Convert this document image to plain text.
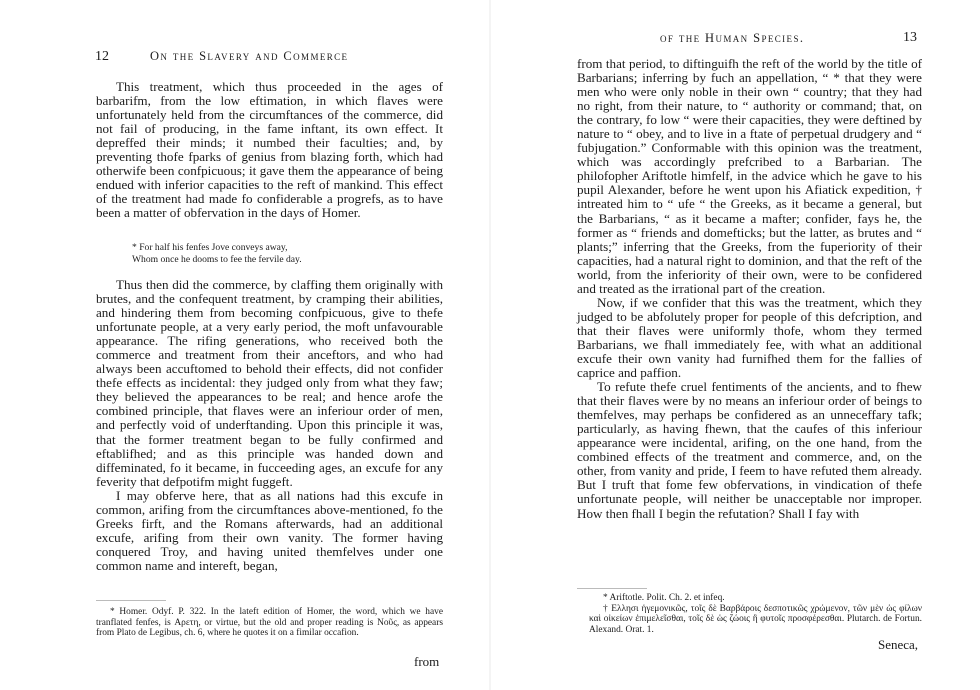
12	On the Slavery and Commerce

This treatment, which thus proceeded in the ages of barbarifm, from the low eftimation, in which flaves were unfortunately held from the circumftances of the commerce, did not fail of producing, in the fame inftant, its own effect. It depreffed their minds; it numbed their faculties; and, by preventing thofe fparks of genius from blazing forth, which had otherwife been confpicuous; it gave them the appearance of being endued with inferior capacities to the reft of mankind. This effect of the treatment had made fo confiderable a progrefs, as to have been a matter of obfervation in the days of Homer.

* For half his fenfes Jove conveys away,
Whom once he dooms to fee the fervile day.

Thus then did the commerce, by claffing them originally with brutes, and the confequent treatment, by cramping their abilities, and hindering them from becoming confpicuous, give to thefe unfortunate people, at a very early period, the moft unfavourable appearance. The rifing generations, who received both the commerce and treatment from their anceftors, and who had always been accuftomed to behold their effects, did not confider thefe effects as incidental: they judged only from what they faw; they believed the appearances to be real; and hence arofe the combined principle, that flaves were an inferiour order of men, and perfectly void of underftanding. Upon this principle it was, that the former treatment began to be fully confirmed and eftablifhed; and as this principle was handed down and diffeminated, fo it became, in fucceeding ages, an excufe for any feverity that defpotifm might fuggeft.

I may obferve here, that as all nations had this excufe in common, arifing from the circumftances above-mentioned, fo the Greeks firft, and the Romans afterwards, had an additional excufe, arifing from their own vanity. The former having conquered Troy, and having united themfelves under one common name and intereft, began,

* Homer. Odyf. P. 322. In the lateft edition of Homer, the word, which we have tranflated fenfes, is Αρετη, or virtue, but the old and proper reading is Νοῦς, as appears from Plato de Legibus, ch. 6, where he quotes it on a fimilar occafion.

from
of the Human Species.	13

from that period, to diftinguifh the reft of the world by the title of Barbarians; inferring by fuch an appellation, “ * that they were men who were only noble in their own “ country; that they had no right, from their nature, to “ authority or command; that, on the contrary, fo low “ were their capacities, they were deftined by nature to “ obey, and to live in a ftate of perpetual drudgery and “ fubjugation.” Conformable with this opinion was the treatment, which was accordingly prefcribed to a Barbarian. The philofopher Ariftotle himfelf, in the advice which he gave to his pupil Alexander, before he went upon his Afiatick expedition, † intreated him to “ ufe “ the Greeks, as it became a general, but the Barbarians, “ as it became a mafter; confider, fays he, the former as “ friends and domefticks; but the latter, as brutes and “ plants;” inferring that the Greeks, from the fuperiority of their capacities, had a natural right to dominion, and that the reft of the world, from the inferiority of their own, were to be confidered and treated as the irrational part of the creation.

Now, if we confider that this was the treatment, which they judged to be abfolutely proper for people of this defcription, and that their flaves were uniformly thofe, whom they termed Barbarians, we fhall immediately fee, with what an additional excufe their own vanity had furnifhed them for the fallies of caprice and paffion.

To refute thefe cruel fentiments of the ancients, and to fhew that their flaves were by no means an inferiour order of beings to themfelves, may perhaps be confidered as an unneceffary tafk; particularly, as having fhewn, that the caufes of this inferiour appearance were incidental, arifing, on the one hand, from the combined effects of the treatment and commerce, and, on the other, from vanity and pride, I feem to have refuted them already. But I truft that fome few obfervations, in vindication of thefe unfortunate people, will neither be unacceptable nor improper. How then fhall I begin the refutation? Shall I fay with

* Ariftotle. Polit. Ch. 2. et infeq.

† Ελλησι ἡγεμονικῶς, τοῖς δὲ Βαρβάροις δεσποτικῶς χρώμενον, τῶν μὲν ὡς φίλων καὶ οἰκείων ἐπιμελεῖσθαι, τοῖς δὲ ὡς ζώοις ἢ φυτοῖς προσφέρεσθαι. Plutarch. de Fortun. Alexand. Orat. 1.

Seneca,
